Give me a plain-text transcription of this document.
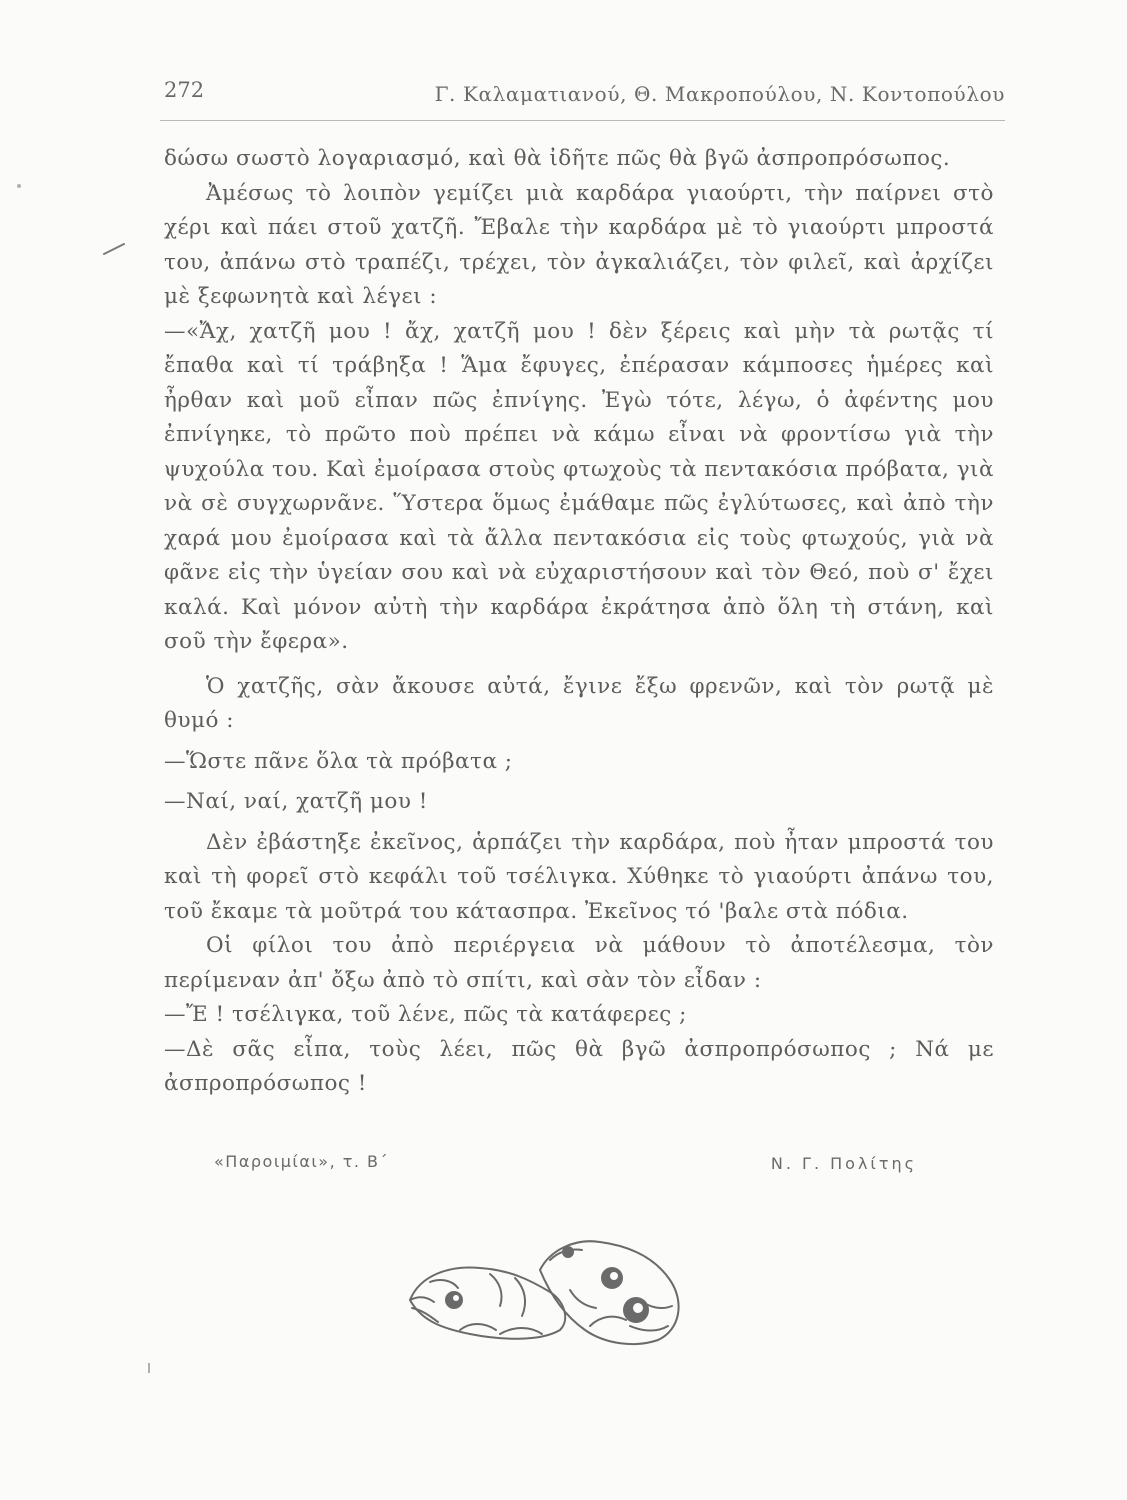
272	Γ. Καλαματιανού, Θ. Μακροπούλου, Ν. Κοντοπούλου

δώσω σωστὸ λογαριασμό, καὶ θὰ ἰδῆτε πῶς θὰ βγῶ ἀσπροπρόσωπος.

Ἀμέσως τὸ λοιπὸν γεμίζει μιὰ καρδάρα γιαούρτι, τὴν παίρνει στὸ χέρι καὶ πάει στοῦ χατζῆ. Ἔβαλε τὴν καρδάρα μὲ τὸ γιαούρτι μπροστά του, ἀπάνω στὸ τραπέζι, τρέχει, τὸν ἀγκαλιάζει, τὸν φιλεῖ, καὶ ἀρχίζει μὲ ξεφωνητὰ καὶ λέγει :

—«Ἄχ, χατζῆ μου ! ἄχ, χατζῆ μου ! δὲν ξέρεις καὶ μὴν τὰ ρωτᾷς τί ἔπαθα καὶ τί τράβηξα ! Ἅμα ἔφυγες, ἐπέρασαν κάμποσες ἡμέρες καὶ ἦρθαν καὶ μοῦ εἶπαν πῶς ἐπνίγης. Ἐγὼ τότε, λέγω, ὁ ἀφέντης μου ἐπνίγηκε, τὸ πρῶτο ποὺ πρέπει νὰ κάμω εἶναι νὰ φροντίσω γιὰ τὴν ψυχούλα του. Καὶ ἐμοίρασα στοὺς φτωχοὺς τὰ πεντακόσια πρόβατα, γιὰ νὰ σὲ συγχωρνᾶνε. Ὕστερα ὅμως ἐμάθαμε πῶς ἐγλύτωσες, καὶ ἀπὸ τὴν χαρά μου ἐμοίρασα καὶ τὰ ἄλλα πεντακόσια εἰς τοὺς φτωχούς, γιὰ νὰ φᾶνε εἰς τὴν ὑγείαν σου καὶ νὰ εὐχαριστήσουν καὶ τὸν Θεό, ποὺ σ' ἔχει καλά. Καὶ μόνον αὐτὴ τὴν καρδάρα ἐκράτησα ἀπὸ ὅλη τὴ στάνη, καὶ σοῦ τὴν ἔφερα».

Ὁ χατζῆς, σὰν ἄκουσε αὐτά, ἔγινε ἔξω φρενῶν, καὶ τὸν ρωτᾷ μὲ θυμό :

—Ὥστε πᾶνε ὅλα τὰ πρόβατα ;

—Ναί, ναί, χατζῆ μου !

Δὲν ἐβάστηξε ἐκεῖνος, ἁρπάζει τὴν καρδάρα, ποὺ ἦταν μπροστά του καὶ τὴ φορεῖ στὸ κεφάλι τοῦ τσέλιγκα. Χύθηκε τὸ γιαούρτι ἀπάνω του, τοῦ ἔκαμε τὰ μοῦτρά του κάτασπρα. Ἐκεῖνος τό 'βαλε στὰ πόδια.

Οἱ φίλοι του ἀπὸ περιέργεια νὰ μάθουν τὸ ἀποτέλεσμα, τὸν περίμεναν ἀπ' ὄξω ἀπὸ τὸ σπίτι, καὶ σὰν τὸν εἶδαν :

—Ἔ ! τσέλιγκα, τοῦ λένε, πῶς τὰ κατάφερες ;

—Δὲ σᾶς εἶπα, τοὺς λέει, πῶς θὰ βγῶ ἀσπροπρόσωπος ; Νά με ἀσπροπρόσωπος !

«Παροιμίαι», τ. Β΄	Ν. Γ. Πολίτης
